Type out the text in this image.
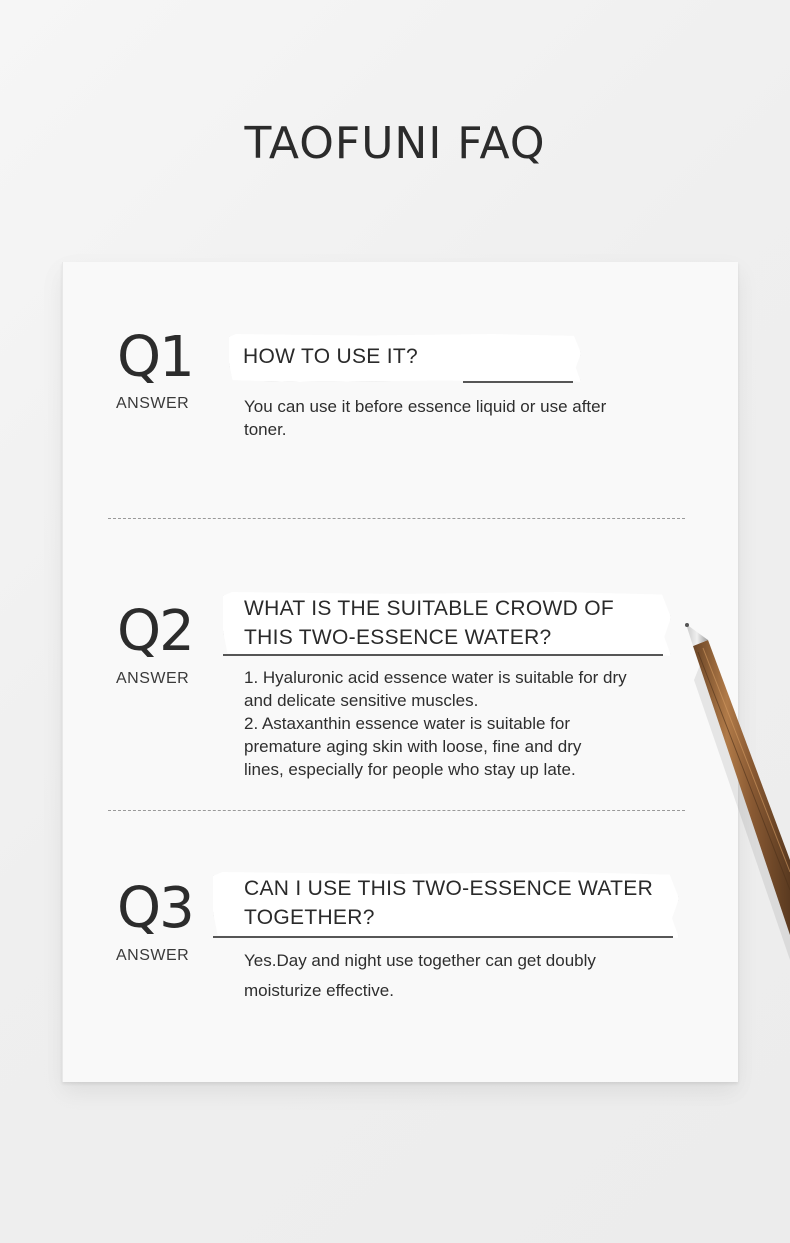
TAOFUNI FAQ
Q1
ANSWER
HOW TO USE IT?

You can use it before essence liquid or use after
toner.

Q2
ANSWER
WHAT IS THE SUITABLE CROWD OF
THIS TWO-ESSENCE WATER?

1. Hyaluronic acid essence water is suitable for dry
and delicate sensitive muscles.
2. Astaxanthin essence water is suitable for
premature aging skin with loose, fine and dry
lines, especially for people who stay up late.

Q3
ANSWER
CAN I USE THIS TWO-ESSENCE WATER
TOGETHER?

Yes.Day and night use together can get doubly
moisturize effective.
